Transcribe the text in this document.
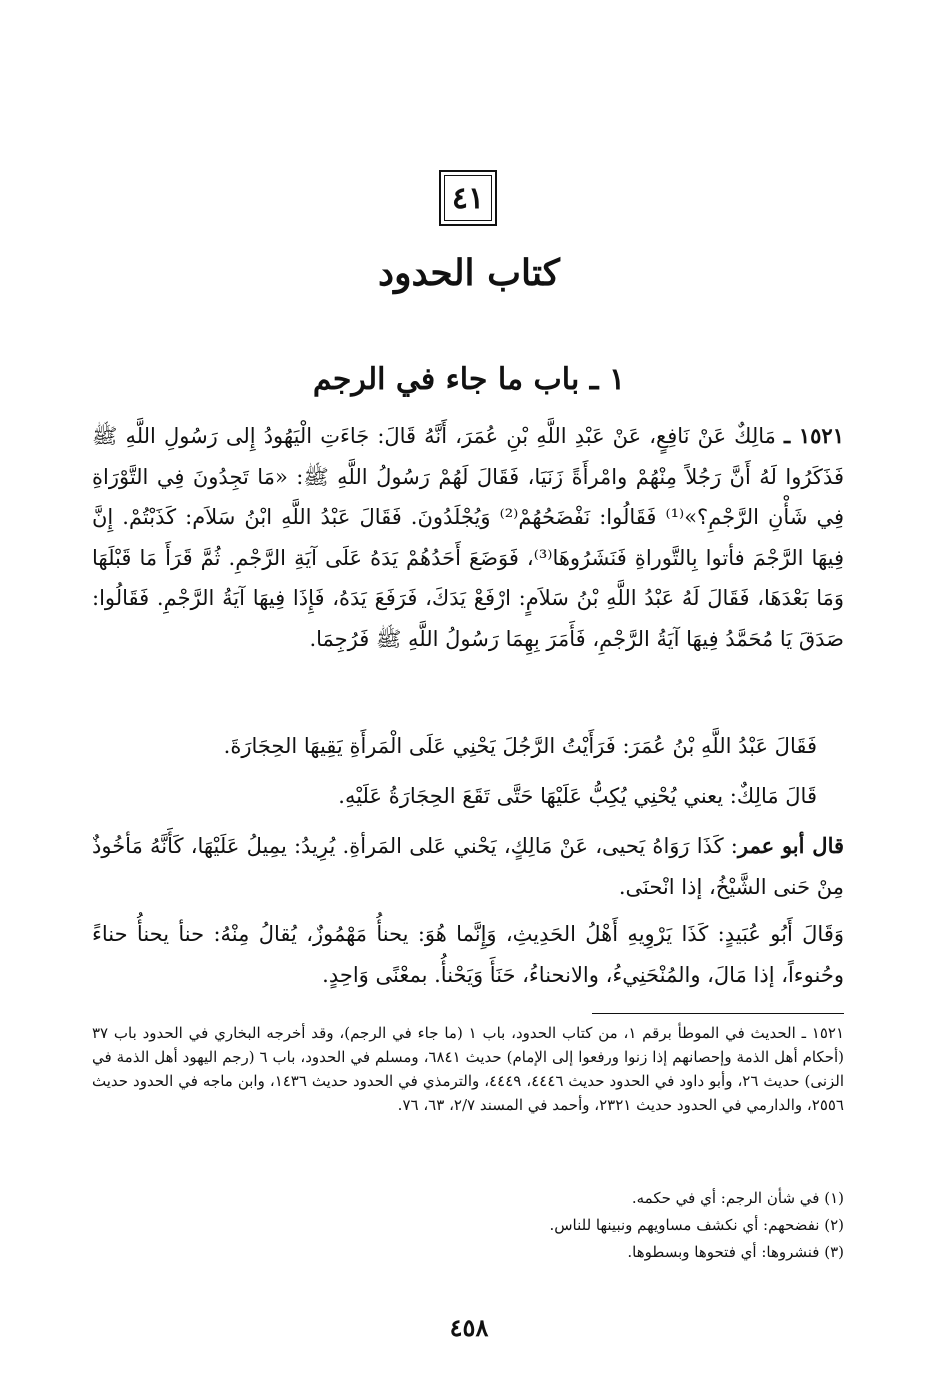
٤١
كتاب الحدود
١ ـ باب ما جاء في الرجم

١٥٢١ ـ مَالِكٌ عَنْ نَافِعٍ، عَنْ عَبْدِ اللَّهِ بْنِ عُمَرَ، أَنَّهُ قَالَ: جَاءَتِ الْيَهُودُ إِلى رَسُولِ اللَّهِ ﷺ فَذَكَرُوا لَهُ أَنَّ رَجُلاً مِنْهُمْ وامْرأَةً زَنَيَا، فَقَالَ لَهُمْ رَسُولُ اللَّهِ ﷺ: «مَا تَجِدُونَ فِي التَّوْرَاةِ فِي شَأْنِ الرَّجْمِ؟»⁽¹⁾ فَقَالُوا: نَفْضَحُهُمْ⁽²⁾ وَيُجْلَدُونَ. فَقَالَ عَبْدُ اللَّهِ ابْنُ سَلاَم: كَذَبْتُمْ. إِنَّ فِيهَا الرَّجْمَ فأتوا بِالتَّوراةِ فَنَشَرُوهَا⁽³⁾، فَوَضَعَ أَحَدُهُمْ يَدَهُ عَلَى آيَةِ الرَّجْمِ. ثُمَّ قَرَأَ مَا قَبْلَهَا وَمَا بَعْدَهَا، فَقَالَ لَهُ عَبْدُ اللَّهِ بْنُ سَلاَمٍ: ارْفَعْ يَدَكَ، فَرَفَعَ يَدَهُ، فَإِذَا فِيهَا آيَةُ الرَّجْمِ. فَقَالُوا: صَدَقَ يَا مُحَمَّدُ فِيهَا آيَةُ الرَّجْمِ، فَأَمَرَ بِهِمَا رَسُولُ اللَّهِ ﷺ فَرُجِمَا.

فَقَالَ عَبْدُ اللَّهِ بْنُ عُمَرَ: فَرَأَيْتُ الرَّجُلَ يَحْنِي عَلَى الْمَرأَةِ يَقِيهَا الحِجَارَةَ.

قَالَ مَالِكٌ: يعني يُحْنِي يُكِبُّ عَلَيْهَا حَتَّى تَقَعَ الحِجَارَةُ عَلَيْهِ.

قال أبو عمر: كَذَا رَوَاهُ يَحيى، عَنْ مَالِكٍ، يَحْني عَلى المَرأةِ. يُرِيدُ: يمِيلُ عَلَيْهَا، كَأَنَّهُ مَأخُوذٌ مِنْ حَنى الشَّيْخُ، إذا انْحنَى.

وَقَالَ أَبُو عُبَيدٍ: كَذَا يَرْوِيهِ أَهْلُ الحَدِيثِ، وَإِنَّما هُوَ: يحنأُ مَهْمُوزٌ، يُقالُ مِنْهُ: حنأ يحنأُ حناءً وحُنوءاً، إذا مَالَ، والمُنْحَنِيءُ، والانحناءُ، حَنَأَ وَيَحْنأُ. بمعْنًى وَاحِدٍ.

١٥٢١ ـ الحديث في الموطأ برقم ١، من كتاب الحدود، باب ١ (ما جاء في الرجم)، وقد أخرجه البخاري في الحدود باب ٣٧ (أحكام أهل الذمة وإحصانهم إذا زنوا ورفعوا إلى الإمام) حديث ٦٨٤١، ومسلم في الحدود، باب ٦ (رجم اليهود أهل الذمة في الزنى) حديث ٢٦، وأبو داود في الحدود حديث ٤٤٤٦، ٤٤٤٩، والترمذي في الحدود حديث ١٤٣٦، وابن ماجه في الحدود حديث ٢٥٥٦، والدارمي في الحدود حديث ٢٣٢١، وأحمد في المسند ٢/٧، ٦٣، ٧٦.

(١) في شأن الرجم: أي في حكمه.

(٢) نفضحهم: أي نكشف مساويهم ونبينها للناس.

(٣) فنشروها: أي فتحوها وبسطوها.

٤٥٨
